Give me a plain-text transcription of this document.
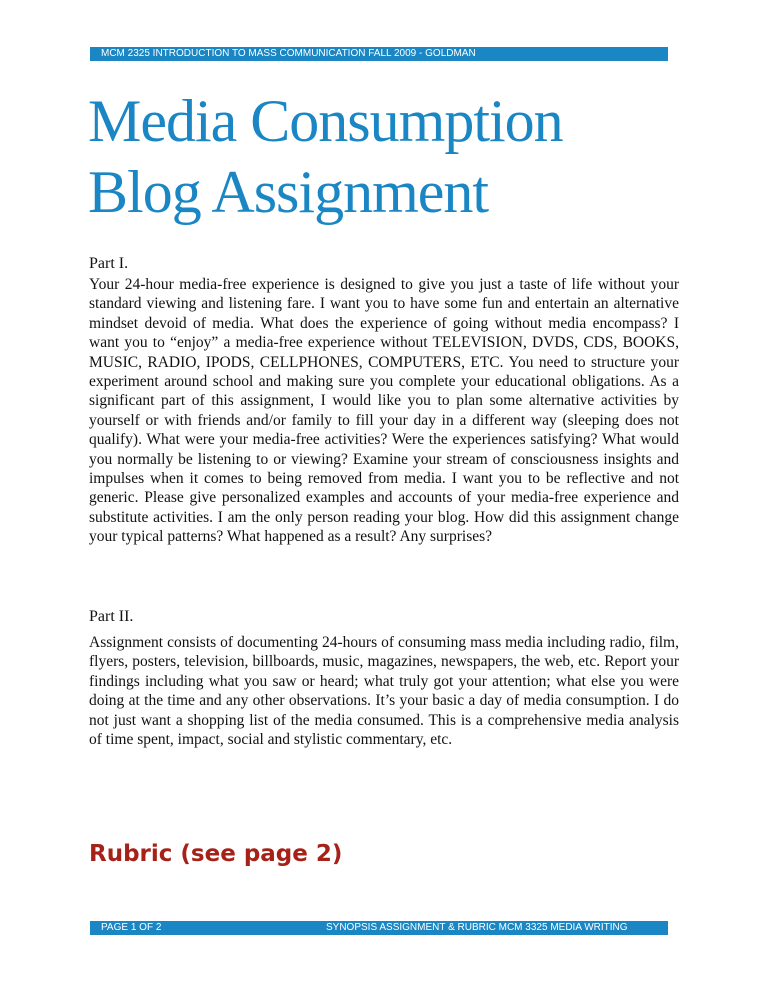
MCM 2325 INTRODUCTION TO MASS COMMUNICATION FALL 2009 - GOLDMAN
Media Consumption
Blog Assignment

Part I.

Your 24-hour media-free experience is designed to give you just a taste of life without your standard viewing and listening fare. I want you to have some fun and entertain an alternative mindset devoid of media. What does the experience of going without media encompass? I want you to “enjoy” a media-free experience without TELEVISION, DVDS, CDS, BOOKS, MUSIC, RADIO, IPODS, CELLPHONES, COMPUTERS, ETC. You need to structure your experiment around school and making sure you complete your educational obligations. As a significant part of this assignment, I would like you to plan some alternative activities by yourself or with friends and/or family to fill your day in a different way (sleeping does not qualify). What were your media-free activities? Were the experiences satisfying? What would you normally be listening to or viewing? Examine your stream of consciousness insights and impulses when it comes to being removed from media. I want you to be reflective and not generic. Please give personalized examples and accounts of your media-free experience and substitute activities. I am the only person reading your blog. How did this assignment change your typical patterns? What happened as a result? Any surprises?

Part II.

Assignment consists of documenting 24-hours of consuming mass media including radio, film, flyers, posters, television, billboards, music, magazines, newspapers, the web, etc. Report your findings including what you saw or heard; what truly got your attention; what else you were doing at the time and any other observations. It’s your basic a day of media consumption. I do not just want a shopping list of the media consumed. This is a comprehensive media analysis of time spent, impact, social and stylistic commentary, etc.

Rubric (see page 2)
PAGE 1 OF 2	SYNOPSIS ASSIGNMENT & RUBRIC MCM 3325 MEDIA WRITING
